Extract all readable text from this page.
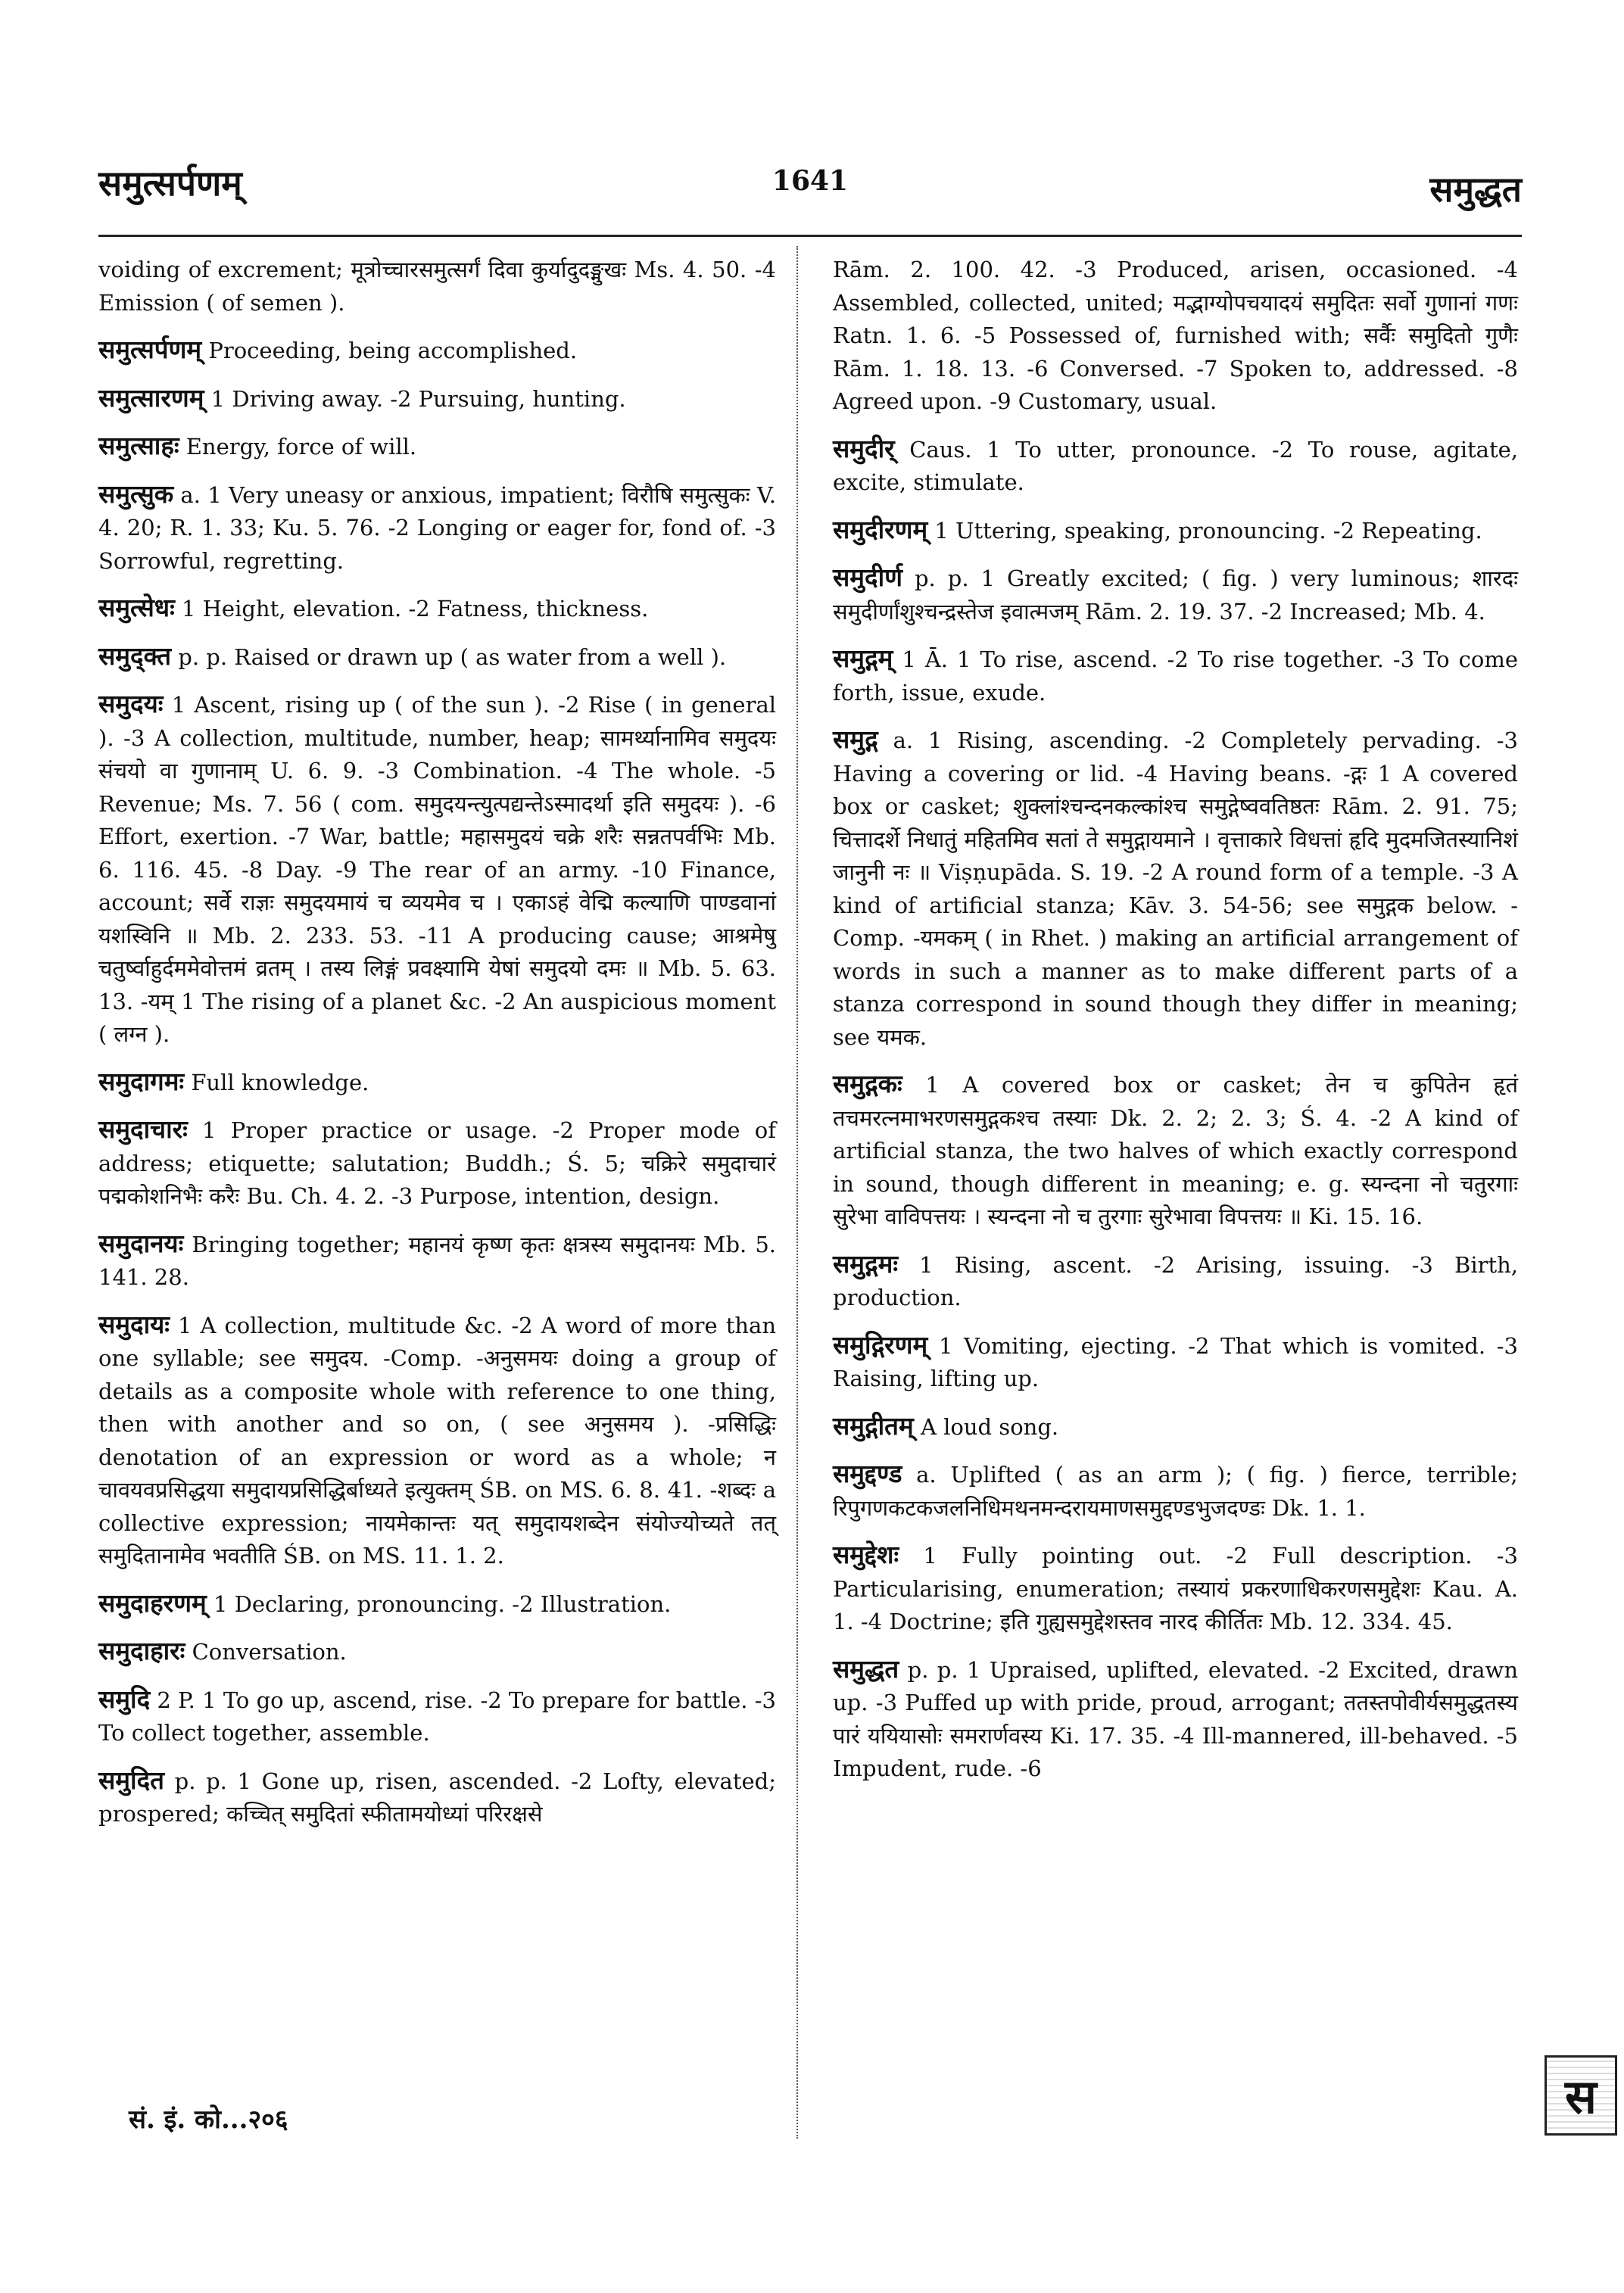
समुत्सर्पणम्	1641	समुद्धत

voiding of excrement; मूत्रोच्चारसमुत्सर्गं दिवा कुर्यादुदङ्मुखः Ms. 4. 50. -4 Emission ( of semen ).

समुत्सर्पणम् Proceeding, being accomplished.

समुत्सारणम् 1 Driving away. -2 Pursuing, hunting.

समुत्साहः Energy, force of will.

समुत्सुक a. 1 Very uneasy or anxious, impatient; विरौषि समुत्सुकः V. 4. 20; R. 1. 33; Ku. 5. 76. -2 Longing or eager for, fond of. -3 Sorrowful, regretting.

समुत्सेधः 1 Height, elevation. -2 Fatness, thickness.

समुद्क्त p. p. Raised or drawn up ( as water from a well ).

समुदयः 1 Ascent, rising up ( of the sun ). -2 Rise ( in general ). -3 A collection, multitude, number, heap; सामर्थ्यानामिव समुदयः संचयो वा गुणानाम् U. 6. 9. -3 Combination. -4 The whole. -5 Revenue; Ms. 7. 56 ( com. समुदयन्त्युत्पद्यन्तेऽस्मादर्था इति समुदयः ). -6 Effort, exertion. -7 War, battle; महासमुदयं चक्रे शरैः सन्नतपर्वभिः Mb. 6. 116. 45. -8 Day. -9 The rear of an army. -10 Finance, account; सर्वे राज्ञः समुदयमायं च व्ययमेव च । एकाऽहं वेद्मि कल्याणि पाण्डवानां यशस्विनि ॥ Mb. 2. 233. 53. -11 A producing cause; आश्रमेषु चतुर्ष्वाहुर्दममेवोत्तमं व्रतम् । तस्य लिङ्गं प्रवक्ष्यामि येषां समुदयो दमः ॥ Mb. 5. 63. 13. -यम् 1 The rising of a planet &c. -2 An auspicious moment ( लग्न ).

समुदागमः Full knowledge.

समुदाचारः 1 Proper practice or usage. -2 Proper mode of address; etiquette; salutation; Buddh.; Ś. 5; चक्रिरे समुदाचारं पद्मकोशनिभैः करैः Bu. Ch. 4. 2. -3 Purpose, intention, design.

समुदानयः Bringing together; महानयं कृष्ण कृतः क्षत्रस्य समुदानयः Mb. 5. 141. 28.

समुदायः 1 A collection, multitude &c. -2 A word of more than one syllable; see समुदय. -Comp. -अनुसमयः doing a group of details as a composite whole with reference to one thing, then with another and so on, ( see अनुसमय ). -प्रसिद्धिः denotation of an expression or word as a whole; न चावयवप्रसिद्धया समुदायप्रसिद्धिर्बाध्यते इत्युक्तम् ŚB. on MS. 6. 8. 41. -शब्दः a collective expression; नायमेकान्तः यत् समुदायशब्देन संयोज्योच्यते तत् समुदितानामेव भवतीति ŚB. on MS. 11. 1. 2.

समुदाहरणम् 1 Declaring, pronouncing. -2 Illustration.

समुदाहारः Conversation.

समुदि 2 P. 1 To go up, ascend, rise. -2 To prepare for battle. -3 To collect together, assemble.

समुदित p. p. 1 Gone up, risen, ascended. -2 Lofty, elevated; prospered; कच्चित् समुदितां स्फीतामयोध्यां परिरक्षसे

Rām. 2. 100. 42. -3 Produced, arisen, occasioned. -4 Assembled, collected, united; मद्भाग्योपचयादयं समुदितः सर्वो गुणानां गणः Ratn. 1. 6. -5 Possessed of, furnished with; सर्वैः समुदितो गुणैः Rām. 1. 18. 13. -6 Conversed. -7 Spoken to, addressed. -8 Agreed upon. -9 Customary, usual.

समुदीर् Caus. 1 To utter, pronounce. -2 To rouse, agitate, excite, stimulate.

समुदीरणम् 1 Uttering, speaking, pronouncing. -2 Repeating.

समुदीर्ण p. p. 1 Greatly excited; ( fig. ) very luminous; शारदः समुदीर्णांशुश्चन्द्रस्तेज इवात्मजम् Rām. 2. 19. 37. -2 Increased; Mb. 4.

समुद्गम् 1 Ā. 1 To rise, ascend. -2 To rise together. -3 To come forth, issue, exude.

समुद्ग a. 1 Rising, ascending. -2 Completely pervading. -3 Having a covering or lid. -4 Having beans. -द्गः 1 A covered box or casket; शुक्लांश्चन्दनकल्कांश्च समुद्गेष्ववतिष्ठतः Rām. 2. 91. 75; चित्तादर्शे निधातुं महितमिव सतां ते समुद्गायमाने । वृत्ताकारे विधत्तां हृदि मुदमजितस्यानिशं जानुनी नः ॥ Viṣṇupāda. S. 19. -2 A round form of a temple. -3 A kind of artificial stanza; Kāv. 3. 54-56; see समुद्गक below. -Comp. -यमकम् ( in Rhet. ) making an artificial arrangement of words in such a manner as to make different parts of a stanza correspond in sound though they differ in meaning; see यमक.

समुद्गकः 1 A covered box or casket; तेन च कुपितेन हृतं तचमरत्नमाभरणसमुद्गकश्च तस्याः Dk. 2. 2; 2. 3; Ś. 4. -2 A kind of artificial stanza, the two halves of which exactly correspond in sound, though different in meaning; e. g. स्यन्दना नो चतुरगाः सुरेभा वाविपत्तयः । स्यन्दना नो च तुरगाः सुरेभावा विपत्तयः ॥ Ki. 15. 16.

समुद्गमः 1 Rising, ascent. -2 Arising, issuing. -3 Birth, production.

समुद्गिरणम् 1 Vomiting, ejecting. -2 That which is vomited. -3 Raising, lifting up.

समुद्गीतम् A loud song.

समुद्दण्ड a. Uplifted ( as an arm ); ( fig. ) fierce, terrible; रिपुगणकटकजलनिधिमथनमन्दरायमाणसमुद्दण्डभुजदण्डः Dk. 1. 1.

समुद्देशः 1 Fully pointing out. -2 Full description. -3 Particularising, enumeration; तस्यायं प्रकरणाधिकरणसमुद्देशः Kau. A. 1. -4 Doctrine; इति गुह्यसमुद्देशस्तव नारद कीर्तितः Mb. 12. 334. 45.

समुद्धत p. p. 1 Upraised, uplifted, elevated. -2 Excited, drawn up. -3 Puffed up with pride, proud, arrogant; ततस्तपोवीर्यसमुद्धतस्य पारं ययियासोः समरार्णवस्य Ki. 17. 35. -4 Ill-mannered, ill-behaved. -5 Impudent, rude. -6

सं. इं. को...२०६	स
